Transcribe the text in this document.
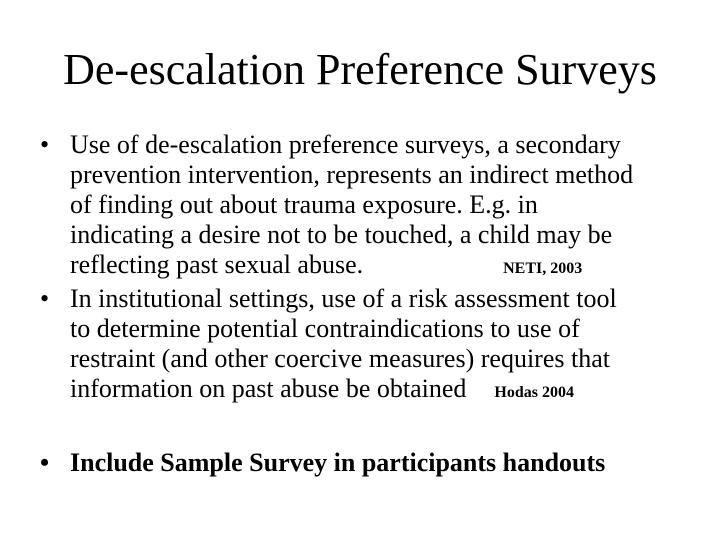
De-escalation Preference Surveys
• Use of de-escalation preference surveys, a secondary
prevention intervention, represents an indirect method
of finding out about trauma exposure. E.g. in
indicating a desire not to be touched, a child may be
reflecting past sexual abuse.	NETI, 2003
• In institutional settings, use of a risk assessment tool
to determine potential contraindications to use of
restraint (and other coercive measures) requires that
information on past abuse be obtained Hodas 2004
• Include Sample Survey in participants handouts
